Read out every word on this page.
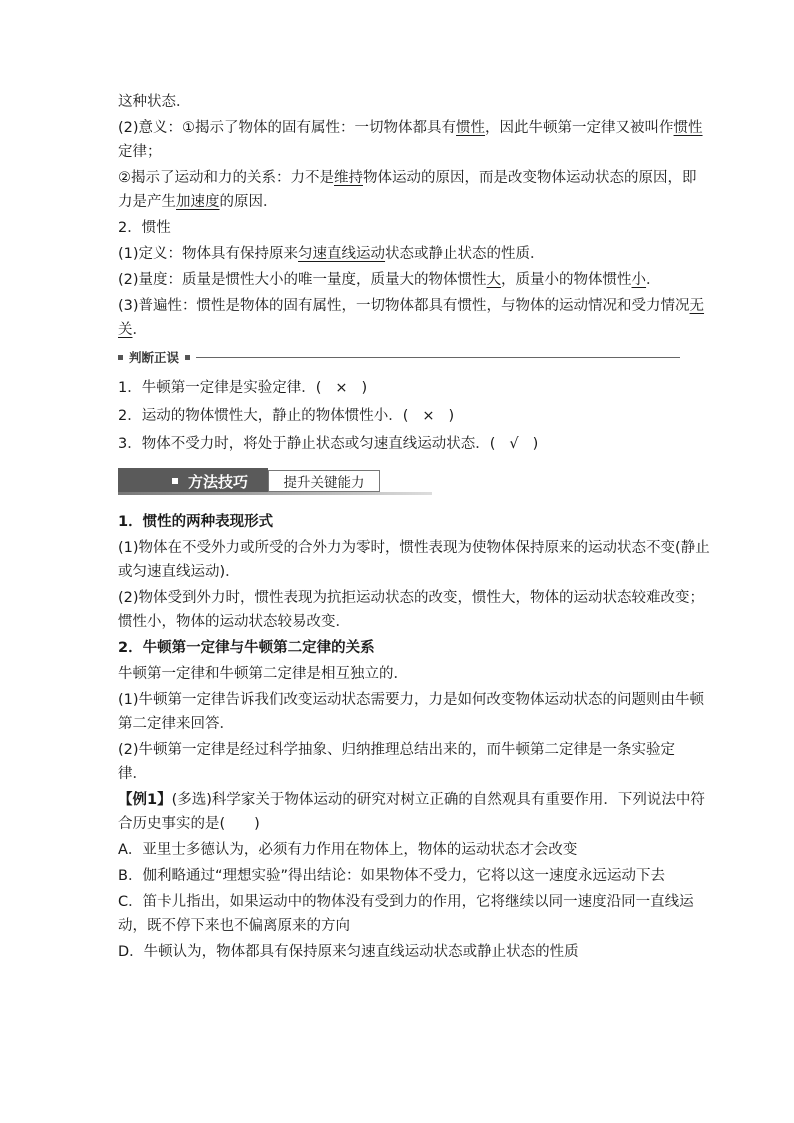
这种状态．
(2)意义：①揭示了物体的固有属性：一切物体都具有惯性，因此牛顿第一定律又被叫作惯性
定律；
②揭示了运动和力的关系：力不是维持物体运动的原因，而是改变物体运动状态的原因，即
力是产生加速度的原因．
2．惯性
(1)定义：物体具有保持原来匀速直线运动状态或静止状态的性质．
(2)量度：质量是惯性大小的唯一量度，质量大的物体惯性大，质量小的物体惯性小．
(3)普遍性：惯性是物体的固有属性，一切物体都具有惯性，与物体的运动情况和受力情况无
关．
判断正误
1．牛顿第一定律是实验定律．( × )
2．运动的物体惯性大，静止的物体惯性小．( × )
3．物体不受力时，将处于静止状态或匀速直线运动状态．( √ )
方法技巧	提升关键能力
1．惯性的两种表现形式
(1)物体在不受外力或所受的合外力为零时，惯性表现为使物体保持原来的运动状态不变(静止
或匀速直线运动)．
(2)物体受到外力时，惯性表现为抗拒运动状态的改变，惯性大，物体的运动状态较难改变；
惯性小，物体的运动状态较易改变．
2．牛顿第一定律与牛顿第二定律的关系
牛顿第一定律和牛顿第二定律是相互独立的．
(1)牛顿第一定律告诉我们改变运动状态需要力，力是如何改变物体运动状态的问题则由牛顿
第二定律来回答．
(2)牛顿第一定律是经过科学抽象、归纳推理总结出来的，而牛顿第二定律是一条实验定
律．
【例1】(多选)科学家关于物体运动的研究对树立正确的自然观具有重要作用．下列说法中符
合历史事实的是(　　)
A．亚里士多德认为，必须有力作用在物体上，物体的运动状态才会改变
B．伽利略通过“理想实验”得出结论：如果物体不受力，它将以这一速度永远运动下去
C．笛卡儿指出，如果运动中的物体没有受到力的作用，它将继续以同一速度沿同一直线运
动，既不停下来也不偏离原来的方向
D．牛顿认为，物体都具有保持原来匀速直线运动状态或静止状态的性质
